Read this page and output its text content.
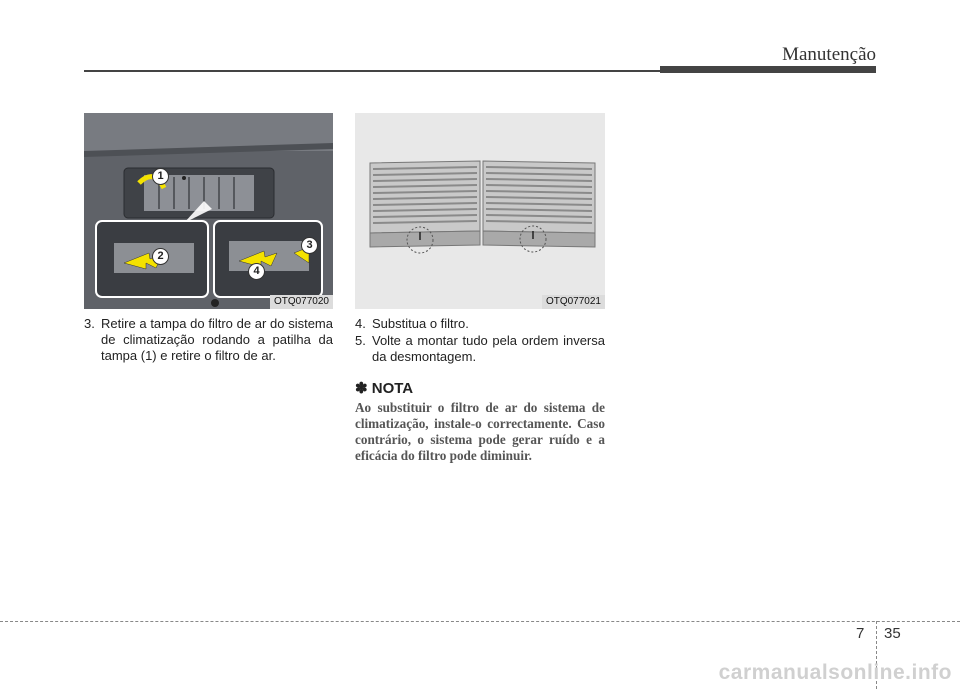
Manutenção
1
2
3
4
OTQ077020	OTQ077021
3. Retire a tampa do filtro de ar do sistema de climatização rodando a patilha da tampa (1) e retire o filtro de ar.
4. Substitua o filtro.
5. Volte a montar tudo pela ordem inversa da desmontagem.
✽ NOTA
Ao substituir o filtro de ar do sistema de climatização, instale-o correctamente. Caso contrário, o sistema pode gerar ruído e a eficácia do filtro pode diminuir.
7 35
carmanualsonline.info
